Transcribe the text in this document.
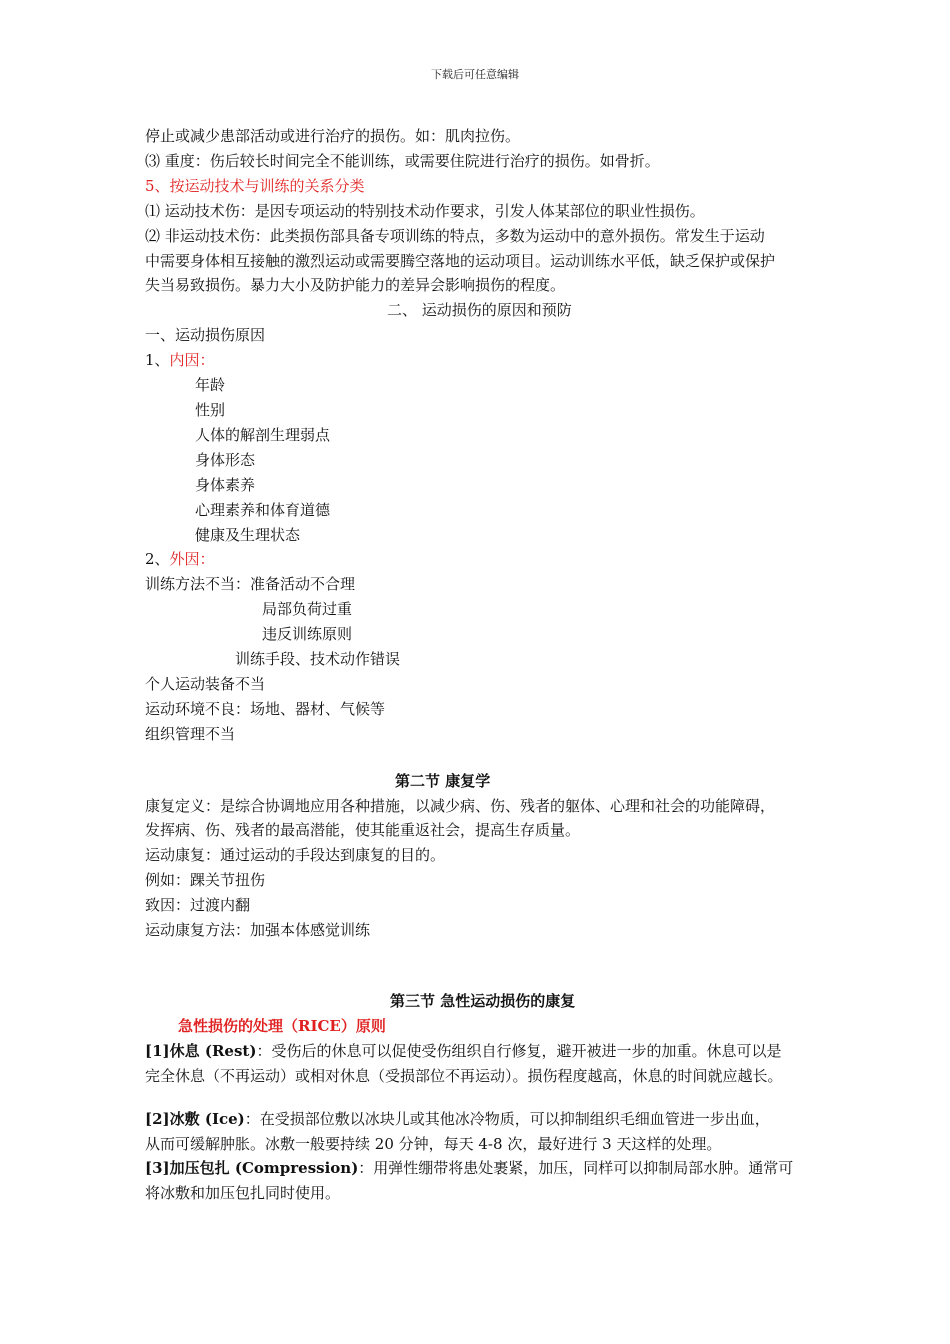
下载后可任意编辑
停止或减少患部活动或进行治疗的损伤。如：肌肉拉伤。
⑶ 重度：伤后较长时间完全不能训练，或需要住院进行治疗的损伤。如骨折。
5、按运动技术与训练的关系分类
⑴ 运动技术伤：是因专项运动的特别技术动作要求，引发人体某部位的职业性损伤。
⑵ 非运动技术伤：此类损伤部具备专项训练的特点，多数为运动中的意外损伤。常发生于运动
中需要身体相互接触的激烈运动或需要腾空落地的运动项目。运动训练水平低，缺乏保护或保护
失当易致损伤。暴力大小及防护能力的差异会影响损伤的程度。
二、 运动损伤的原因和预防
一、运动损伤原因
1、内因：
年龄
性别
人体的解剖生理弱点
身体形态
身体素养
心理素养和体育道德
健康及生理状态
2、外因：
训练方法不当：准备活动不合理
局部负荷过重
违反训练原则
训练手段、技术动作错误
个人运动装备不当
运动环境不良：场地、器材、气候等
组织管理不当
第二节 康复学
康复定义：是综合协调地应用各种措施，以减少病、伤、残者的躯体、心理和社会的功能障碍，
发挥病、伤、残者的最高潜能，使其能重返社会，提高生存质量。
运动康复：通过运动的手段达到康复的目的。
例如：踝关节扭伤
致因：过渡内翻
运动康复方法：加强本体感觉训练
第三节 急性运动损伤的康复
急性损伤的处理（RICE）原则
[1]休息 (Rest)：受伤后的休息可以促使受伤组织自行修复，避开被进一步的加重。休息可以是
完全休息（不再运动）或相对休息（受损部位不再运动）。损伤程度越高，休息的时间就应越长。
[2]冰敷 (Ice)：在受损部位敷以冰块儿或其他冰冷物质，可以抑制组织毛细血管进一步出血，
从而可缓解肿胀。冰敷一般要持续 20 分钟，每天 4-8 次，最好进行 3 天这样的处理。
[3]加压包扎 (Compression)：用弹性绷带将患处裹紧，加压，同样可以抑制局部水肿。通常可
将冰敷和加压包扎同时使用。
